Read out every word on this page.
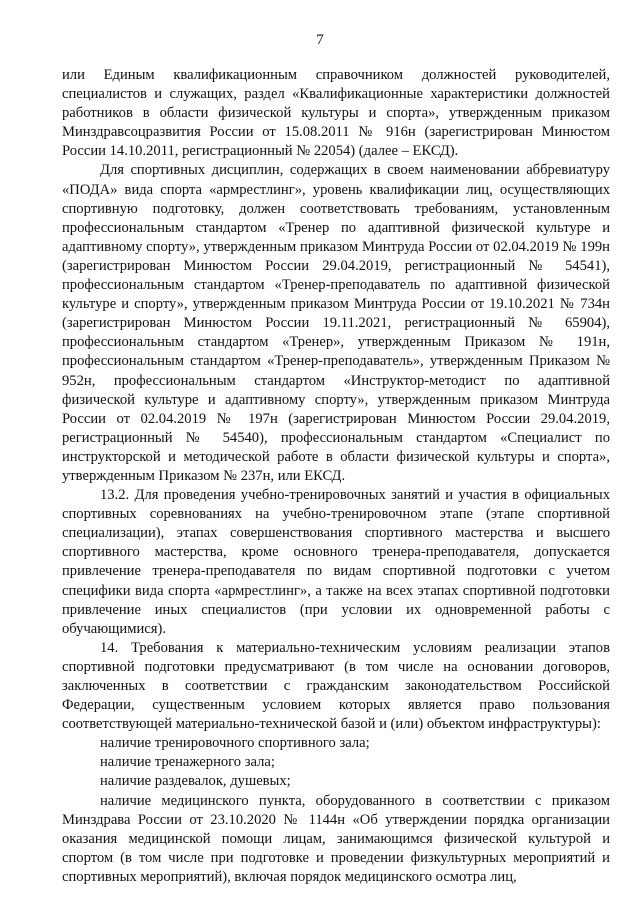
7

или Единым квалификационным справочником должностей руководителей, специалистов и служащих, раздел «Квалификационные характеристики должностей работников в области физической культуры и спорта», утвержденным приказом Минздравсоцразвития России от 15.08.2011 № 916н (зарегистрирован Минюстом России 14.10.2011, регистрационный № 22054) (далее – ЕКСД).

Для спортивных дисциплин, содержащих в своем наименовании аббревиатуру «ПОДА» вида спорта «армрестлинг», уровень квалификации лиц, осуществляющих спортивную подготовку, должен соответствовать требованиям, установленным профессиональным стандартом «Тренер по адаптивной физической культуре и адаптивному спорту», утвержденным приказом Минтруда России от 02.04.2019 № 199н (зарегистрирован Минюстом России 29.04.2019, регистрационный № 54541), профессиональным стандартом «Тренер-преподаватель по адаптивной физической культуре и спорту», утвержденным приказом Минтруда России от 19.10.2021 № 734н (зарегистрирован Минюстом России 19.11.2021, регистрационный № 65904), профессиональным стандартом «Тренер», утвержденным Приказом № 191н, профессиональным стандартом «Тренер-преподаватель», утвержденным Приказом № 952н, профессиональным стандартом «Инструктор-методист по адаптивной физической культуре и адаптивному спорту», утвержденным приказом Минтруда России от 02.04.2019 № 197н (зарегистрирован Минюстом России 29.04.2019, регистрационный № 54540), профессиональным стандартом «Специалист по инструкторской и методической работе в области физической культуры и спорта», утвержденным Приказом № 237н, или ЕКСД.

13.2. Для проведения учебно-тренировочных занятий и участия в официальных спортивных соревнованиях на учебно-тренировочном этапе (этапе спортивной специализации), этапах совершенствования спортивного мастерства и высшего спортивного мастерства, кроме основного тренера-преподавателя, допускается привлечение тренера-преподавателя по видам спортивной подготовки с учетом специфики вида спорта «армрестлинг», а также на всех этапах спортивной подготовки привлечение иных специалистов (при условии их одновременной работы с обучающимися).

14. Требования к материально-техническим условиям реализации этапов спортивной подготовки предусматривают (в том числе на основании договоров, заключенных в соответствии с гражданским законодательством Российской Федерации, существенным условием которых является право пользования соответствующей материально-технической базой и (или) объектом инфраструктуры):

наличие тренировочного спортивного зала;

наличие тренажерного зала;

наличие раздевалок, душевых;

наличие медицинского пункта, оборудованного в соответствии с приказом Минздрава России от 23.10.2020 № 1144н «Об утверждении порядка организации оказания медицинской помощи лицам, занимающимся физической культурой и спортом (в том числе при подготовке и проведении физкультурных мероприятий и спортивных мероприятий), включая порядок медицинского осмотра лиц,
